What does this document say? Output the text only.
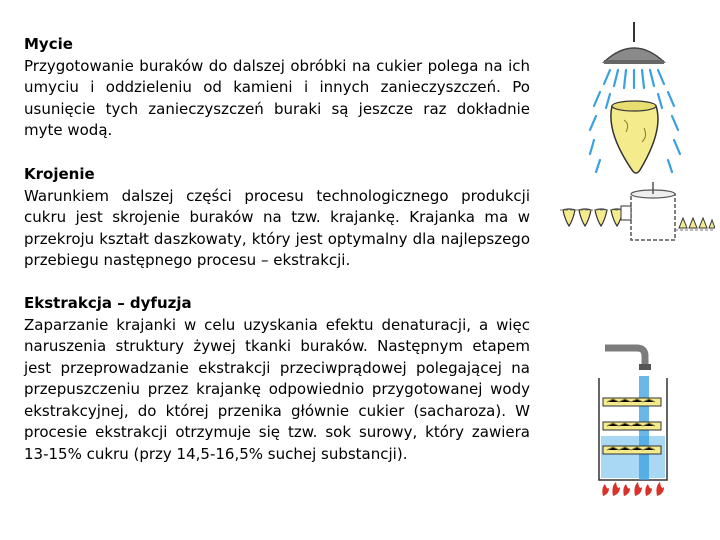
Mycie

Przygotowanie buraków do dalszej obróbki na cukier polega na ich umyciu i oddzieleniu od kamieni i innych zanieczyszczeń. Po usunięcie tych zanieczyszczeń buraki są jeszcze raz dokładnie myte wodą.

Krojenie

Warunkiem dalszej części procesu technologicznego produkcji cukru jest skrojenie buraków na tzw. krajankę. Krajanka ma w przekroju kształt daszkowaty, który jest optymalny dla najlepszego przebiegu następnego procesu – ekstrakcji.

Ekstrakcja – dyfuzja

Zaparzanie krajanki w celu uzyskania efektu denaturacji, a więc naruszenia struktury żywej tkanki buraków. Następnym etapem jest przeprowadzanie ekstrakcji przeciwprądowej polegającej na przepuszczeniu przez krajankę odpowiednio przygotowanej wody ekstrakcyjnej, do której przenika głównie cukier (sacharoza). W procesie ekstrakcji otrzymuje się tzw. sok surowy, który zawiera 13-15% cukru (przy 14,5-16,5% suchej substancji).
